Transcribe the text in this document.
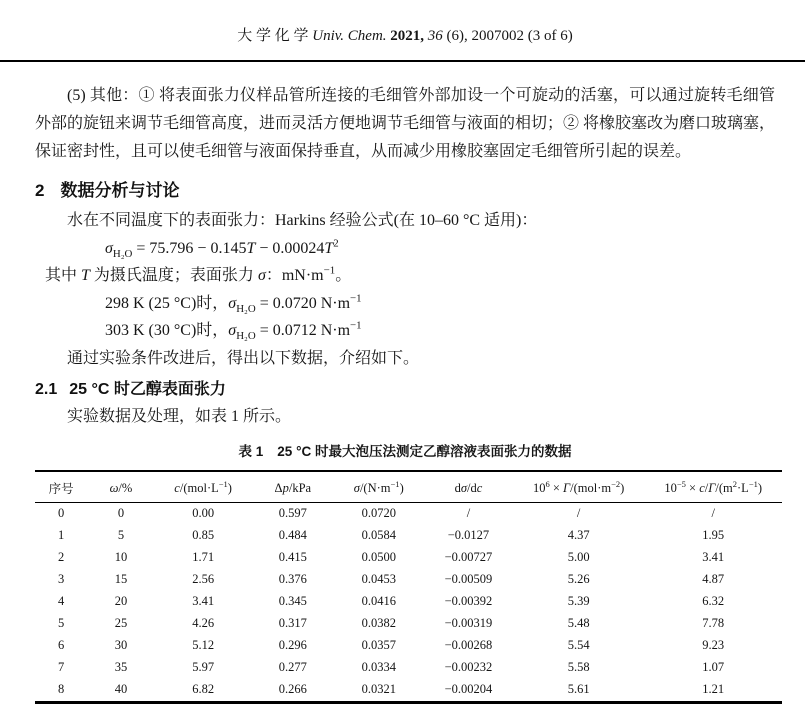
大 学 化 学 Univ. Chem. 2021, 36 (6), 2007002 (3 of 6)

(5) 其他：① 将表面张力仪样品管所连接的毛细管外部加设一个可旋动的活塞，可以通过旋转毛细管外部的旋钮来调节毛细管高度，进而灵活方便地调节毛细管与液面的相切；② 将橡胶塞改为磨口玻璃塞，保证密封性，且可以使毛细管与液面保持垂直，从而减少用橡胶塞固定毛细管所引起的误差。

2 数据分析与讨论
水在不同温度下的表面张力：Harkins 经验公式(在 10–60 °C 适用)：
$\sigma_{H_2O} = 75.796 - 0.145T - 0.00024T^2$
其中 T 为摄氏温度；表面张力 σ：$mN\cdot m^{-1}$。
298 K (25 °C)时，$\sigma_{H_2O} = 0.0720$ $N\cdot m^{-1}$
303 K (30 °C)时，$\sigma_{H_2O} = 0.0712$ $N\cdot m^{-1}$
通过实验条件改进后，得出以下数据，介绍如下。
2.1 25 °C 时乙醇表面张力
实验数据及处理，如表 1 所示。
表 1 25 °C 时最大泡压法测定乙醇溶液表面张力的数据
序号	ω/%	$c/(mol\cdot L^{-1})$	Δp/kPa	$\sigma/(N\cdot m^{-1})$	dσ/dc	$10^6 \times \Gamma/(mol\cdot m^{-2})$	$10^{-5} \times c/\Gamma/(m^2\cdot L^{-1})$
0	0	0.00	0.597	0.0720	/	/	/
1	5	0.85	0.484	0.0584	−0.0127	4.37	1.95
2	10	1.71	0.415	0.0500	−0.00727	5.00	3.41
3	15	2.56	0.376	0.0453	−0.00509	5.26	4.87
4	20	3.41	0.345	0.0416	−0.00392	5.39	6.32
5	25	4.26	0.317	0.0382	−0.00319	5.48	7.78
6	30	5.12	0.296	0.0357	−0.00268	5.54	9.23
7	35	5.97	0.277	0.0334	−0.00232	5.58	1.07
8	40	6.82	0.266	0.0321	−0.00204	5.61	1.21
